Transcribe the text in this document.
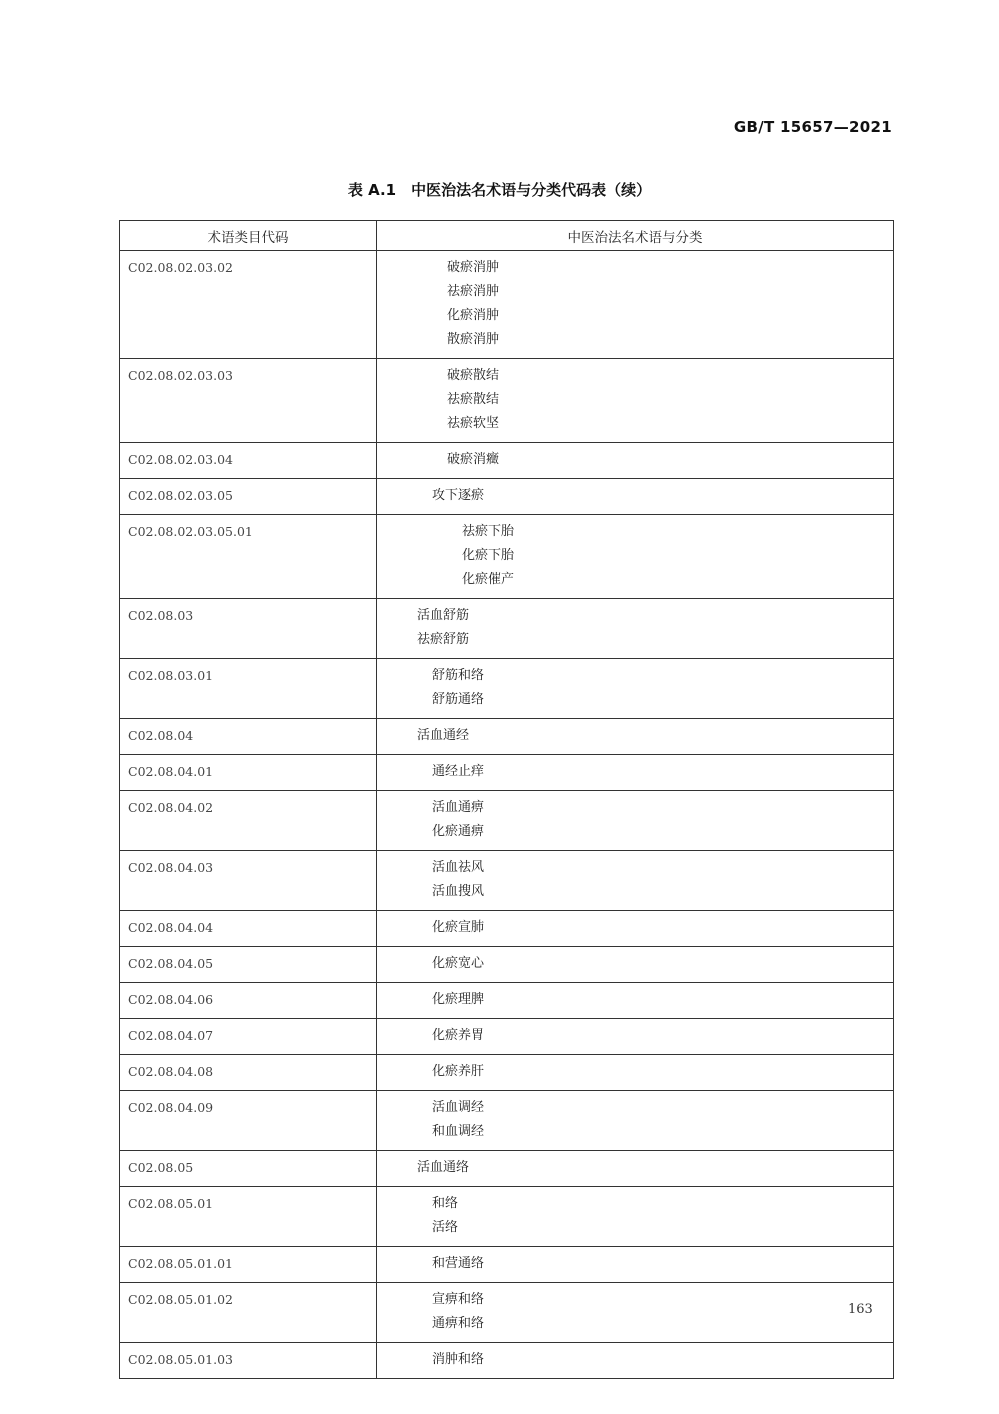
GB/T 15657—2021
表 A.1　中医治法名术语与分类代码表（续）
术语类目代码	中医治法名术语与分类
C02.08.02.03.02	破瘀消肿
祛瘀消肿
化瘀消肿
散瘀消肿

C02.08.02.03.03	破瘀散结
祛瘀散结
祛瘀软坚

C02.08.02.03.04	破瘀消癥

C02.08.02.03.05	攻下逐瘀

C02.08.02.03.05.01	祛瘀下胎
化瘀下胎
化瘀催产

C02.08.03	活血舒筋
祛瘀舒筋

C02.08.03.01	舒筋和络
舒筋通络

C02.08.04	活血通经

C02.08.04.01	通经止痒

C02.08.04.02	活血通痹
化瘀通痹

C02.08.04.03	活血祛风
活血搜风

C02.08.04.04	化瘀宣肺

C02.08.04.05	化瘀宽心

C02.08.04.06	化瘀理脾

C02.08.04.07	化瘀养胃

C02.08.04.08	化瘀养肝

C02.08.04.09	活血调经
和血调经

C02.08.05	活血通络

C02.08.05.01	和络
活络

C02.08.05.01.01	和营通络

C02.08.05.01.02	宣痹和络
通痹和络

C02.08.05.01.03	消肿和络
163
